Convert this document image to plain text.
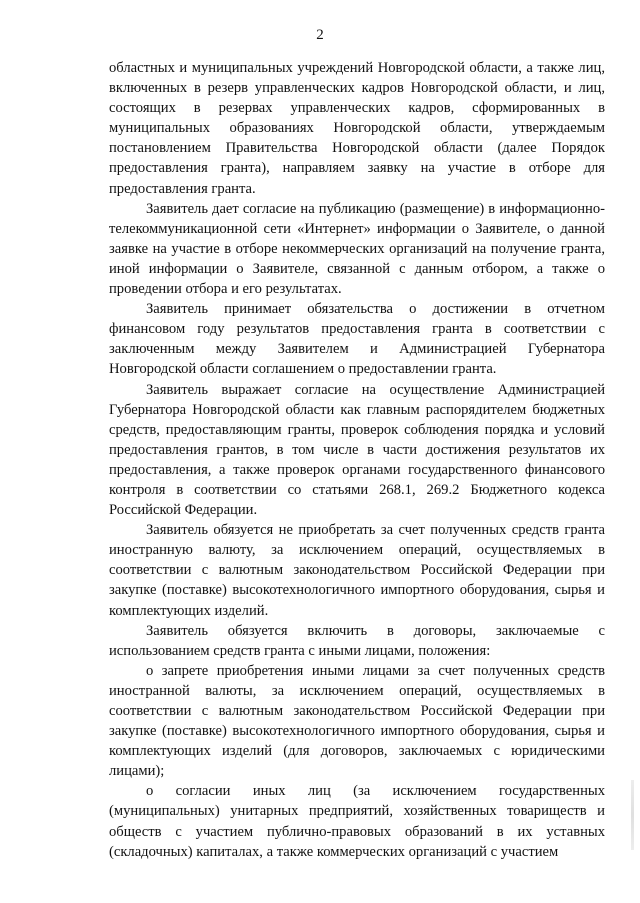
2

областных и муниципальных учреждений Новгородской области, а также лиц, включенных в резерв управленческих кадров Новгородской области, и лиц, состоящих в резервах управленческих кадров, сформированных в муниципальных образованиях Новгородской области, утверждаемым постановлением Правительства Новгородской области (далее Порядок предоставления гранта), направляем заявку на участие в отборе для предоставления гранта.

Заявитель дает согласие на публикацию (размещение) в информационно-телекоммуникационной сети «Интернет» информации о Заявителе, о данной заявке на участие в отборе некоммерческих организаций на получение гранта, иной информации о Заявителе, связанной с данным отбором, а также о проведении отбора и его результатах.

Заявитель принимает обязательства о достижении в отчетном финансовом году результатов предоставления гранта в соответствии с заключенным между Заявителем и Администрацией Губернатора Новгородской области соглашением о предоставлении гранта.

Заявитель выражает согласие на осуществление Администрацией Губернатора Новгородской области как главным распорядителем бюджетных средств, предоставляющим гранты, проверок соблюдения порядка и условий предоставления грантов, в том числе в части достижения результатов их предоставления, а также проверок органами государственного финансового контроля в соответствии со статьями 268.1, 269.2 Бюджетного кодекса Российской Федерации.

Заявитель обязуется не приобретать за счет полученных средств гранта иностранную валюту, за исключением операций, осуществляемых в соответствии с валютным законодательством Российской Федерации при закупке (поставке) высокотехнологичного импортного оборудования, сырья и комплектующих изделий.

Заявитель обязуется включить в договоры, заключаемые с использованием средств гранта с иными лицами, положения:

о запрете приобретения иными лицами за счет полученных средств иностранной валюты, за исключением операций, осуществляемых в соответствии с валютным законодательством Российской Федерации при закупке (поставке) высокотехнологичного импортного оборудования, сырья и комплектующих изделий (для договоров, заключаемых с юридическими лицами);

о согласии иных лиц (за исключением государственных (муниципальных) унитарных предприятий, хозяйственных товариществ и обществ с участием публично-правовых образований в их уставных (складочных) капиталах, а также коммерческих организаций с участием
